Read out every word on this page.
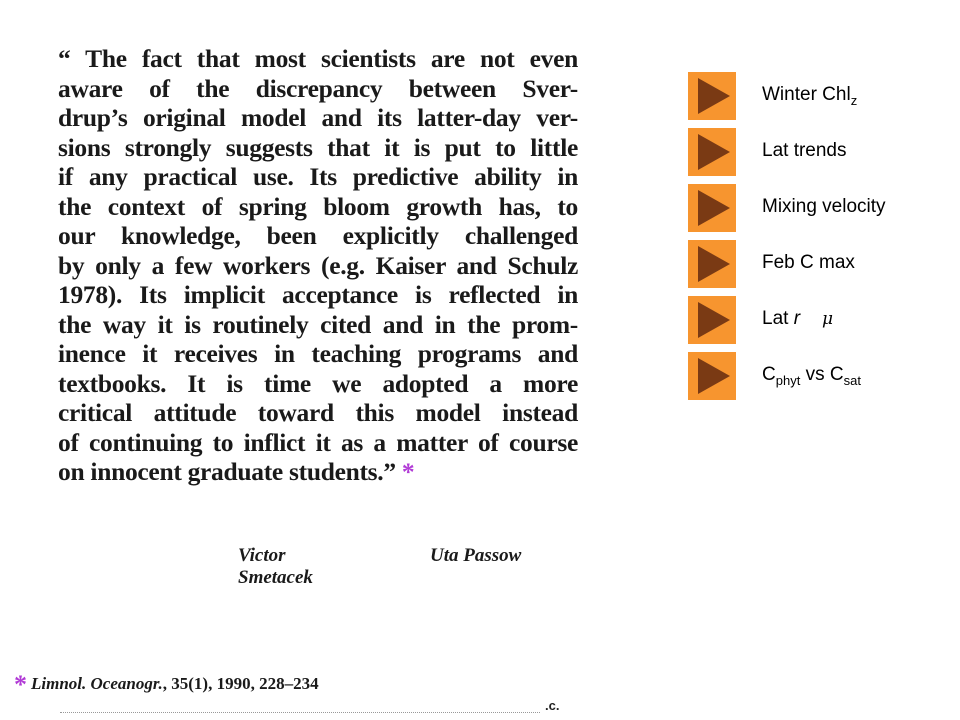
“ The fact that most scientists are not even
aware of the discrepancy between Sver-
drup’s original model and its latter-day ver-
sions strongly suggests that it is put to little
if any practical use. Its predictive ability in
the context of spring bloom growth has, to
our knowledge, been explicitly challenged
by only a few workers (e.g. Kaiser and Schulz
1978). Its implicit acceptance is reflected in
the way it is routinely cited and in the prom-
inence it receives in teaching programs and
textbooks. It is time we adopted a more
critical attitude toward this model instead
of continuing to inflict it as a matter of course
on innocent graduate students.” *
Victor Smetacek
Uta Passow
* Limnol. Oceanogr., 35(1), 1990, 228–234
.c.
Winter Chl$_z$
Lat trends
Mixing velocity
Feb C max
Lat r μ
$C_{phyt}$ vs $C_{sat}$
